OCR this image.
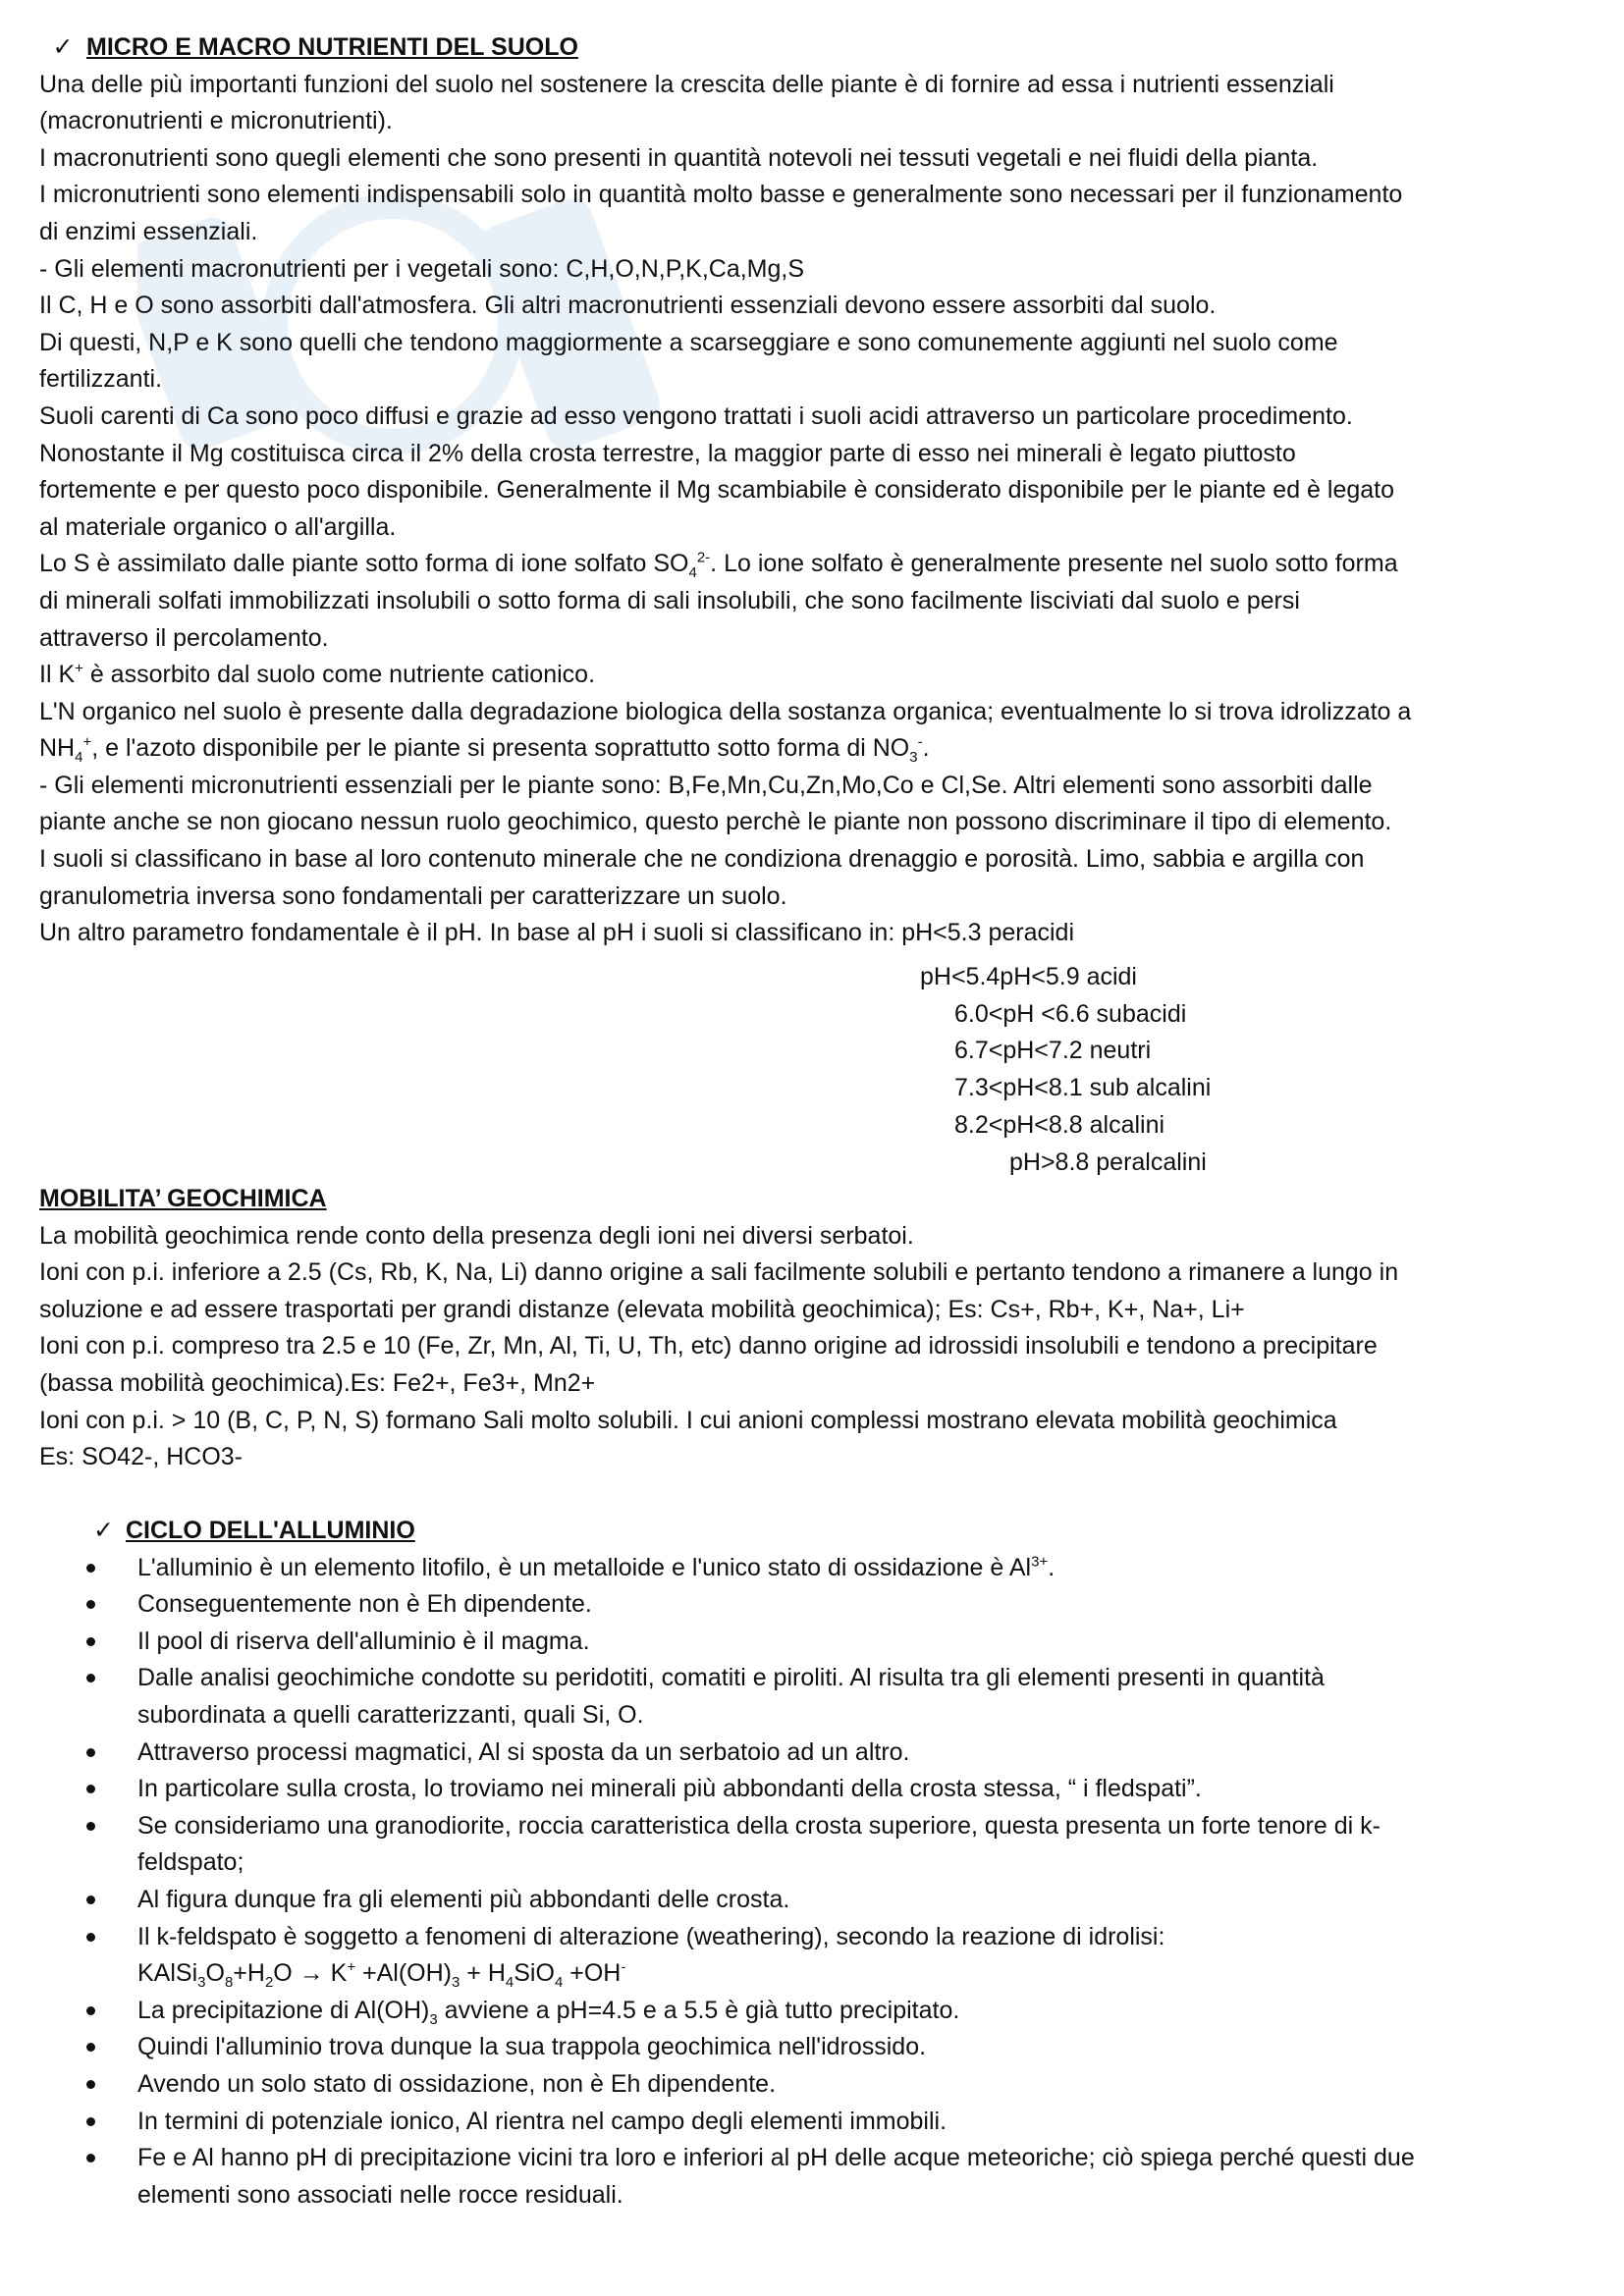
✓ MICRO E MACRO NUTRIENTI DEL SUOLO
Una delle più importanti funzioni del suolo nel sostenere la crescita delle piante è di fornire ad essa i nutrienti essenziali
(macronutrienti e micronutrienti).
I macronutrienti sono quegli elementi che sono presenti in quantità notevoli nei tessuti vegetali e nei fluidi della pianta.
I micronutrienti sono elementi indispensabili solo in quantità molto basse e generalmente sono necessari per il funzionamento
di enzimi essenziali.
- Gli elementi macronutrienti per i vegetali sono: C,H,O,N,P,K,Ca,Mg,S
Il C, H e O sono assorbiti dall'atmosfera. Gli altri macronutrienti essenziali devono essere assorbiti dal suolo.
Di questi, N,P e K sono quelli che tendono maggiormente a scarseggiare e sono comunemente aggiunti nel suolo come
fertilizzanti.
Suoli carenti di Ca sono poco diffusi e grazie ad esso vengono trattati i suoli acidi attraverso un particolare procedimento.
Nonostante il Mg costituisca circa il 2% della crosta terrestre, la maggior parte di esso nei minerali è legato piuttosto
fortemente e per questo poco disponibile. Generalmente il Mg scambiabile è considerato disponibile per le piante ed è legato
al materiale organico o all'argilla.
Lo S è assimilato dalle piante sotto forma di ione solfato $SO_4^{2-}$. Lo ione solfato è generalmente presente nel suolo sotto forma
di minerali solfati immobilizzati insolubili o sotto forma di sali insolubili, che sono facilmente lisciviati dal suolo e persi
attraverso il percolamento.
Il K+ è assorbito dal suolo come nutriente cationico.
L'N organico nel suolo è presente dalla degradazione biologica della sostanza organica; eventualmente lo si trova idrolizzato a
$NH_4^+$, e l'azoto disponibile per le piante si presenta soprattutto sotto forma di $NO_3^-$.
- Gli elementi micronutrienti essenziali per le piante sono: B,Fe,Mn,Cu,Zn,Mo,Co e Cl,Se. Altri elementi sono assorbiti dalle
piante anche se non giocano nessun ruolo geochimico, questo perchè le piante non possono discriminare il tipo di elemento.
I suoli si classificano in base al loro contenuto minerale che ne condiziona drenaggio e porosità. Limo, sabbia e argilla con
granulometria inversa sono fondamentali per caratterizzare un suolo.
Un altro parametro fondamentale è il pH. In base al pH i suoli si classificano in: pH<5.3 peracidi
pH<5.4pH<5.9 acidi
6.0<pH <6.6 subacidi
6.7<pH<7.2 neutri
7.3<pH<8.1 sub alcalini
8.2<pH<8.8 alcalini
pH>8.8 peralcalini
MOBILITA’ GEOCHIMICA
La mobilità geochimica rende conto della presenza degli ioni nei diversi serbatoi.
Ioni con p.i. inferiore a 2.5 (Cs, Rb, K, Na, Li) danno origine a sali facilmente solubili e pertanto tendono a rimanere a lungo in
soluzione e ad essere trasportati per grandi distanze (elevata mobilità geochimica); Es: Cs+, Rb+, K+, Na+, Li+
Ioni con p.i. compreso tra 2.5 e 10 (Fe, Zr, Mn, Al, Ti, U, Th, etc) danno origine ad idrossidi insolubili e tendono a precipitare
(bassa mobilità geochimica).Es: Fe2+, Fe3+, Mn2+
Ioni con p.i. > 10 (B, C, P, N, S) formano Sali molto solubili. I cui anioni complessi mostrano elevata mobilità geochimica
Es: SO42-, HCO3-
✓ CICLO DELL'ALLUMINIO
L'alluminio è un elemento litofilo, è un metalloide e l'unico stato di ossidazione è $Al^{3+}$.
Conseguentemente non è Eh dipendente.
Il pool di riserva dell'alluminio è il magma.
Dalle analisi geochimiche condotte su peridotiti, comatiti e piroliti. Al risulta tra gli elementi presenti in quantità
subordinata a quelli caratterizzanti, quali Si, O.
Attraverso processi magmatici, Al si sposta da un serbatoio ad un altro.
In particolare sulla crosta, lo troviamo nei minerali più abbondanti della crosta stessa, “ i fledspati”.
Se consideriamo una granodiorite, roccia caratteristica della crosta superiore, questa presenta un forte tenore di k-
feldspato;
Al figura dunque fra gli elementi più abbondanti delle crosta.
Il k-feldspato è soggetto a fenomeni di alterazione (weathering), secondo la reazione di idrolisi:
$KAlSi_3O_8+H_2O \to K^+ +Al(OH)_3 + H_4SiO_4 +OH^-$
La precipitazione di $Al(OH)_3$ avviene a pH=4.5 e a 5.5 è già tutto precipitato.
Quindi l'alluminio trova dunque la sua trappola geochimica nell'idrossido.
Avendo un solo stato di ossidazione, non è Eh dipendente.
In termini di potenziale ionico, Al rientra nel campo degli elementi immobili.
Fe e Al hanno pH di precipitazione vicini tra loro e inferiori al pH delle acque meteoriche; ciò spiega perché questi due
elementi sono associati nelle rocce residuali.
